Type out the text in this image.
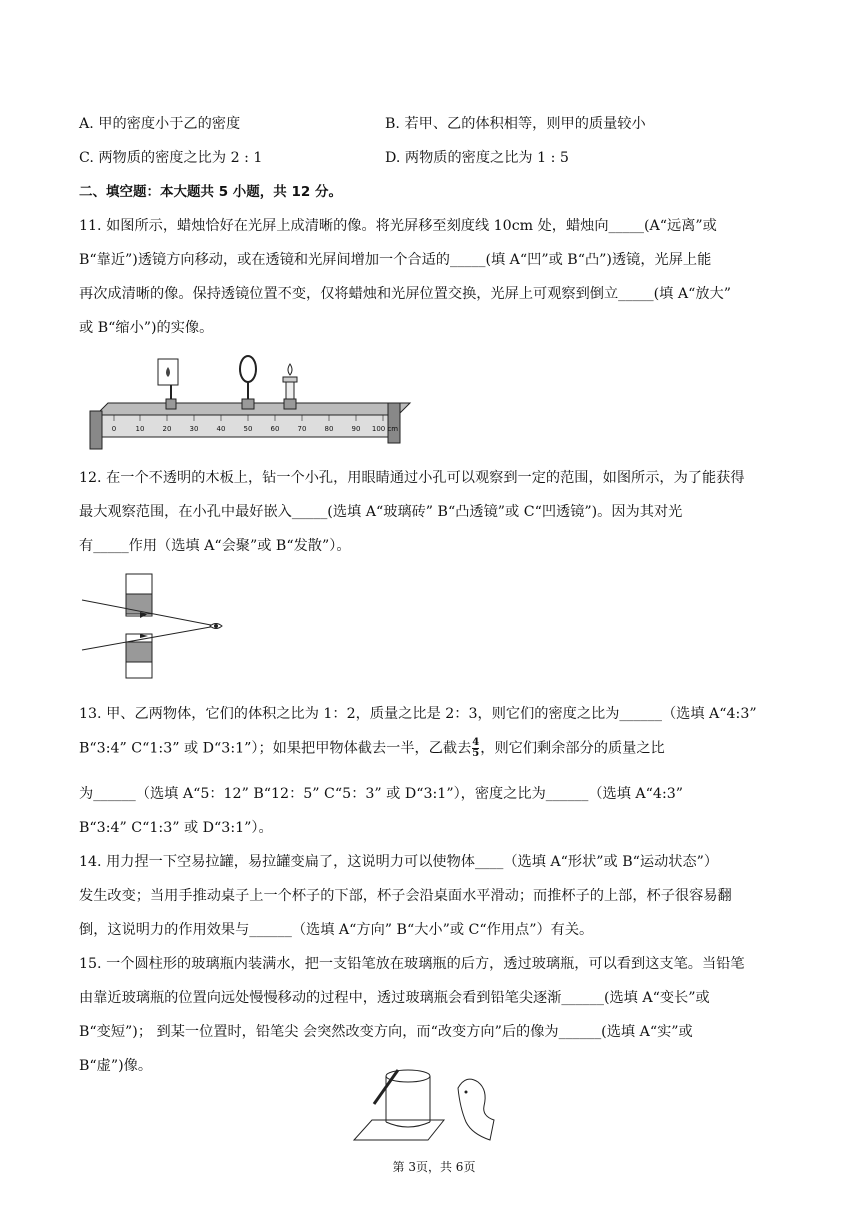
A. 甲的密度小于乙的密度	B. 若甲、乙的体积相等，则甲的质量较小
C. 两物质的密度之比为 2 : 1	D. 两物质的密度之比为 1 : 5
二、填空题：本大题共 5 小题，共 12 分。
11. 如图所示，蜡烛恰好在光屏上成清晰的像。将光屏移至刻度线 10cm 处，蜡烛向_____(A“远离”或
B“靠近”)透镜方向移动，或在透镜和光屏间增加一个合适的_____(填 A“凹”或 B“凸”)透镜，光屏上能
再次成清晰的像。保持透镜位置不变，仅将蜡烛和光屏位置交换，光屏上可观察到倒立_____(填 A“放大”
或 B“缩小”)的实像。
0	10	20	30	40	50	60	70	80	90 100 cm
12. 在一个不透明的木板上，钻一个小孔，用眼睛通过小孔可以观察到一定的范围，如图所示，为了能获得
最大观察范围，在小孔中最好嵌入_____(选填 A“玻璃砖” B“凸透镜”或 C“凹透镜”)。因为其对光
有_____作用（选填 A“会聚”或 B“发散”）。
13. 甲、乙两物体，它们的体积之比为 1：2，质量之比是 2：3，则它们的密度之比为______（选填 A“4:3”
B“3:4” C“1:3” 或 D“3:1”）；如果把甲物体截去一半，乙截去 $\frac{4}{5}$ ，则它们剩余部分的质量之比
为______（选填 A“5：12” B“12：5” C“5：3” 或 D“3:1”），密度之比为______（选填 A“4:3”
B“3:4” C“1:3” 或 D“3:1”）。
14. 用力捏一下空易拉罐，易拉罐变扁了，这说明力可以使物体____（选填 A“形状”或 B“运动状态”）
发生改变；当用手推动桌子上一个杯子的下部，杯子会沿桌面水平滑动；而推杯子的上部，杯子很容易翻
倒，这说明力的作用效果与______（选填 A“方向” B“大小”或 C“作用点”）有关。
15. 一个圆柱形的玻璃瓶内装满水，把一支铅笔放在玻璃瓶的后方，透过玻璃瓶，可以看到这支笔。当铅笔
由靠近玻璃瓶的位置向远处慢慢移动的过程中，透过玻璃瓶会看到铅笔尖逐渐______(选填 A“变长”或
B“变短”)； 到某一位置时，铅笔尖 会突然改变方向，而“改变方向”后的像为______(选填 A“实”或
B“虚”)像。
第 3页，共 6页
